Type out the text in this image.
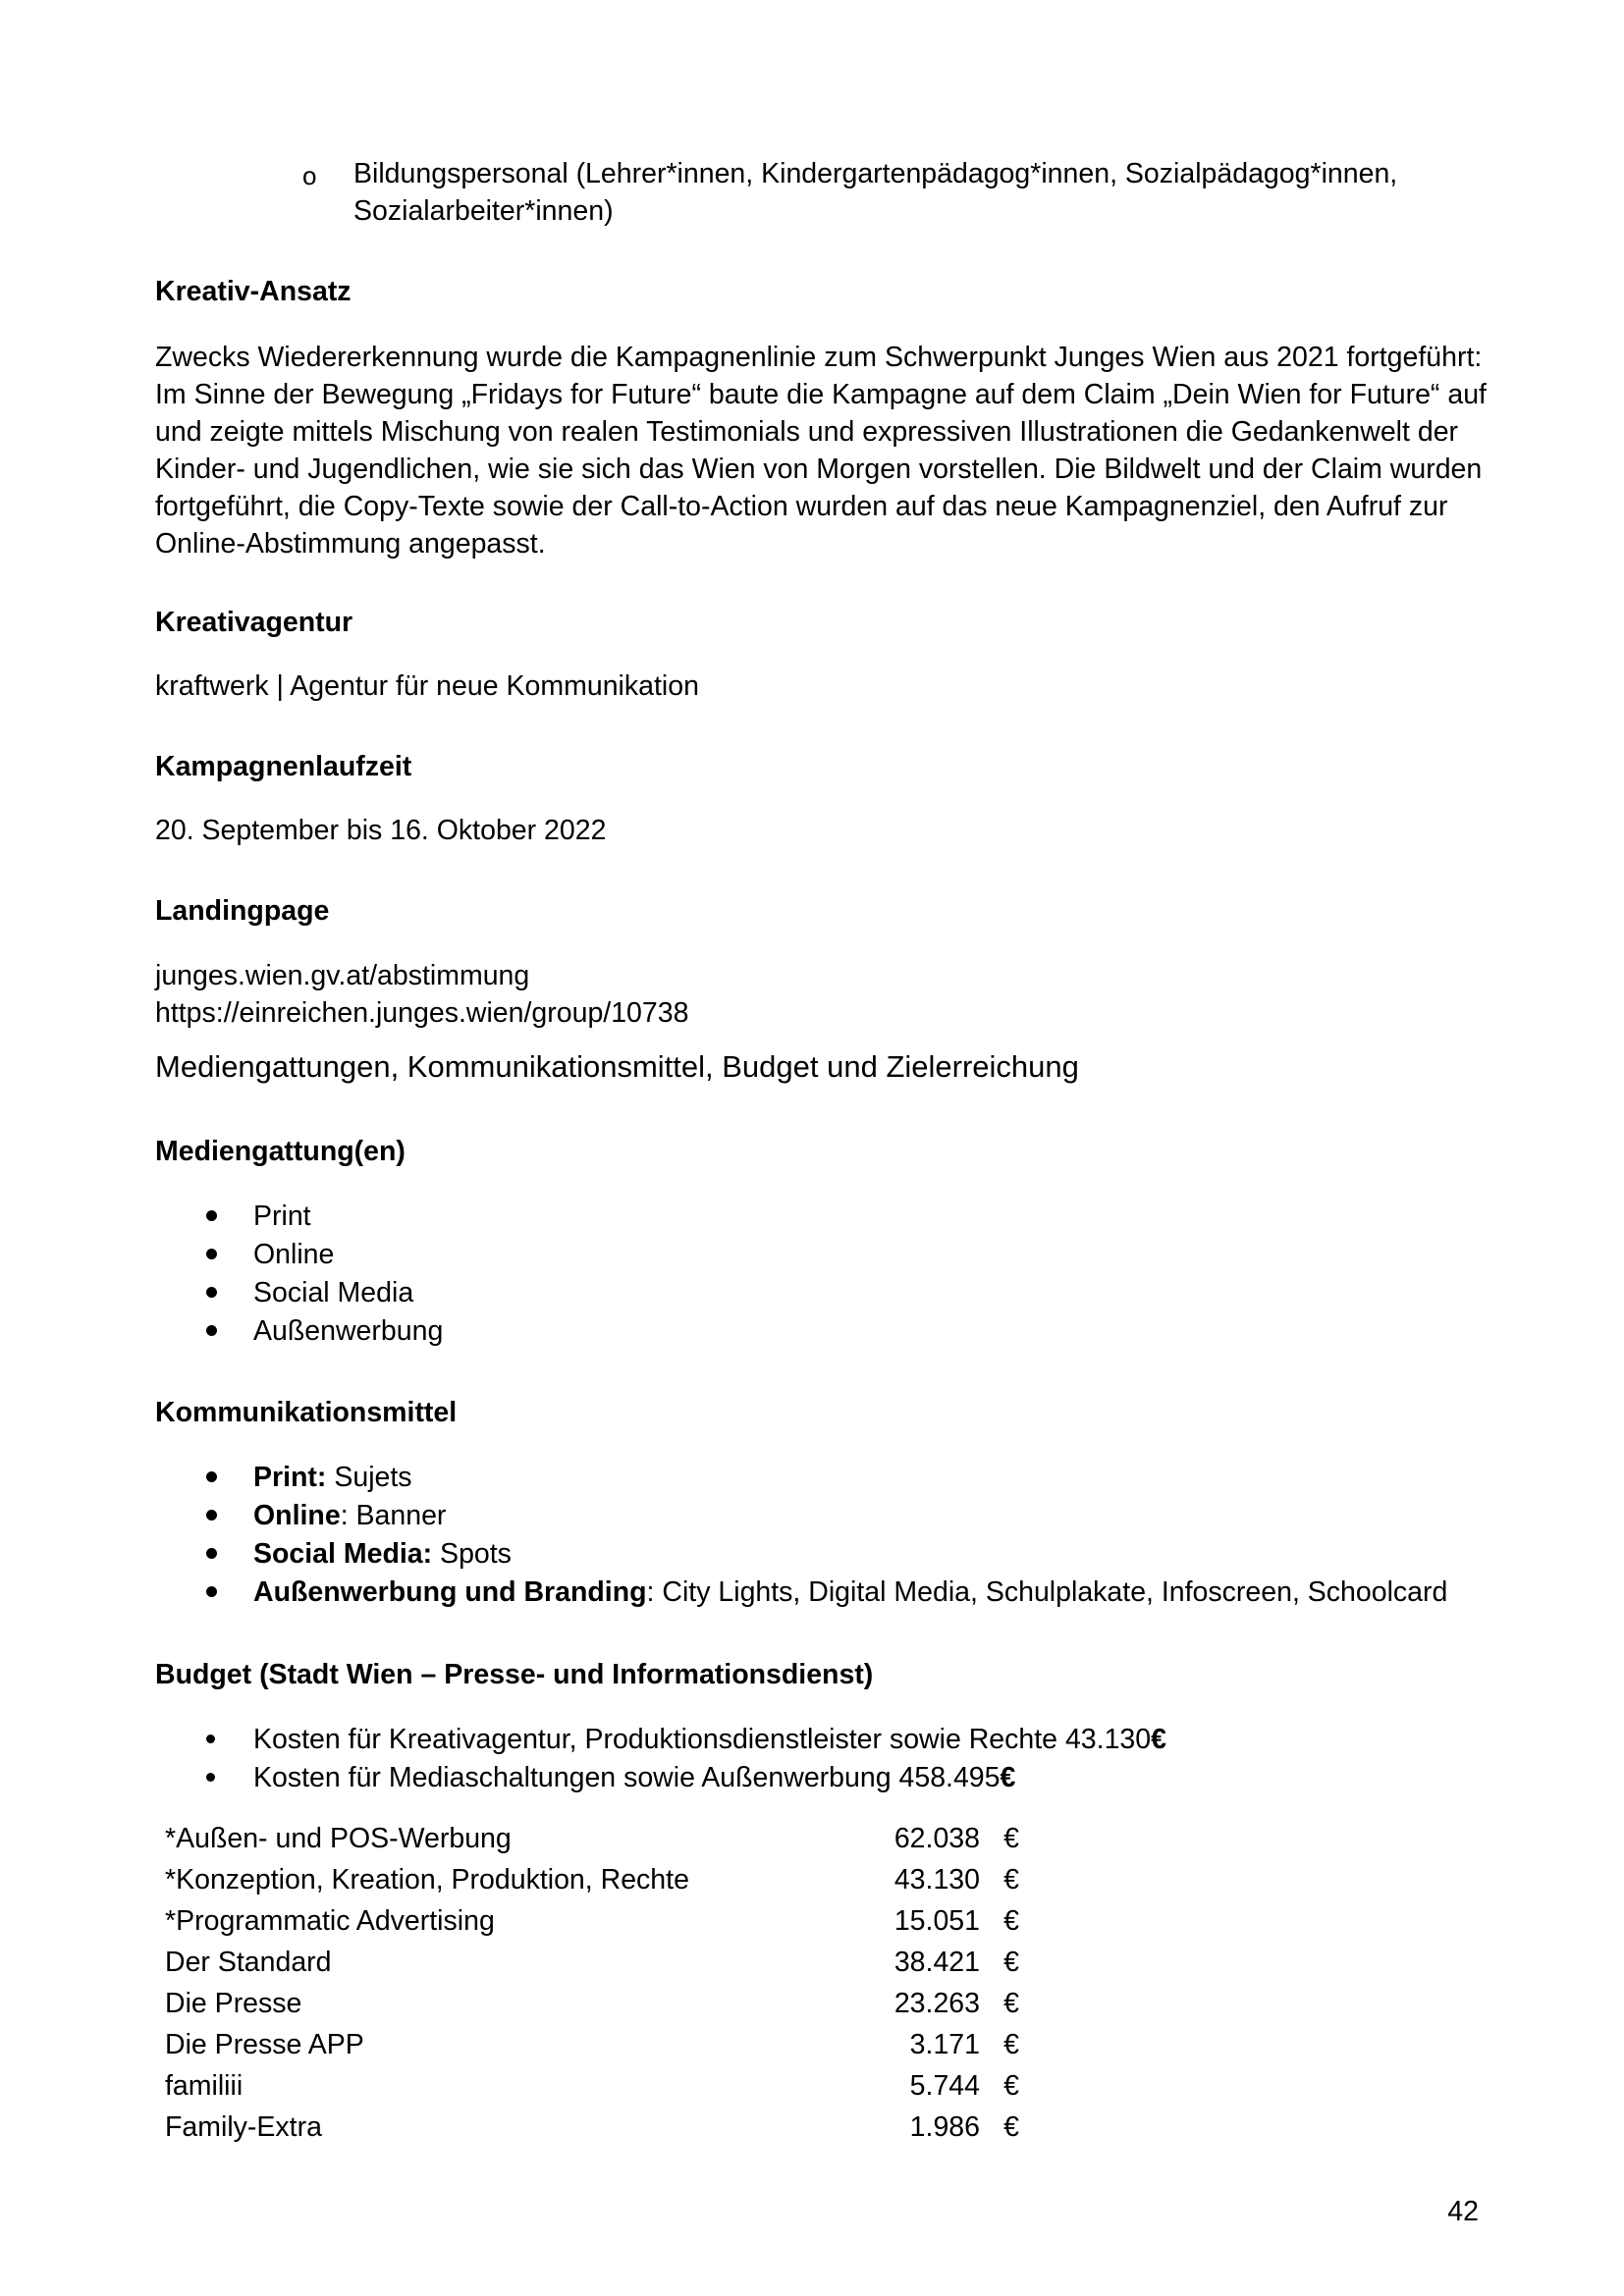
o Bildungspersonal (Lehrer*innen, Kindergartenpädagog*innen, Sozialpädagog*innen, Sozialarbeiter*innen)
Kreativ-Ansatz
Zwecks Wiedererkennung wurde die Kampagnenlinie zum Schwerpunkt Junges Wien aus 2021 fortgeführt: Im Sinne der Bewegung „Fridays for Future“ baute die Kampagne auf dem Claim „Dein Wien for Future“ auf und zeigte mittels Mischung von realen Testimonials und expressiven Illustrationen die Gedankenwelt der Kinder- und Jugendlichen, wie sie sich das Wien von Morgen vorstellen. Die Bildwelt und der Claim wurden fortgeführt, die Copy-Texte sowie der Call-to-Action wurden auf das neue Kampagnenziel, den Aufruf zur Online-Abstimmung angepasst.
Kreativagentur
kraftwerk | Agentur für neue Kommunikation
Kampagnenlaufzeit
20. September bis 16. Oktober 2022
Landingpage
junges.wien.gv.at/abstimmung
https://einreichen.junges.wien/group/10738
Mediengattungen, Kommunikationsmittel, Budget und Zielerreichung
Mediengattung(en)
Print
Online
Social Media
Außenwerbung
Kommunikationsmittel
Print: Sujets
Online: Banner
Social Media: Spots
Außenwerbung und Branding: City Lights, Digital Media, Schulplakate, Infoscreen, Schoolcard
Budget (Stadt Wien – Presse- und Informationsdienst)
Kosten für Kreativagentur, Produktionsdienstleister sowie Rechte 43.130€
Kosten für Mediaschaltungen sowie Außenwerbung 458.495€
*Außen- und POS-Werbung	62.038	€
*Konzeption, Kreation, Produktion, Rechte	43.130	€
*Programmatic Advertising	15.051	€
Der Standard	38.421	€
Die Presse	23.263	€
Die Presse APP	3.171	€
familiii	5.744	€
Family-Extra	1.986	€
42
